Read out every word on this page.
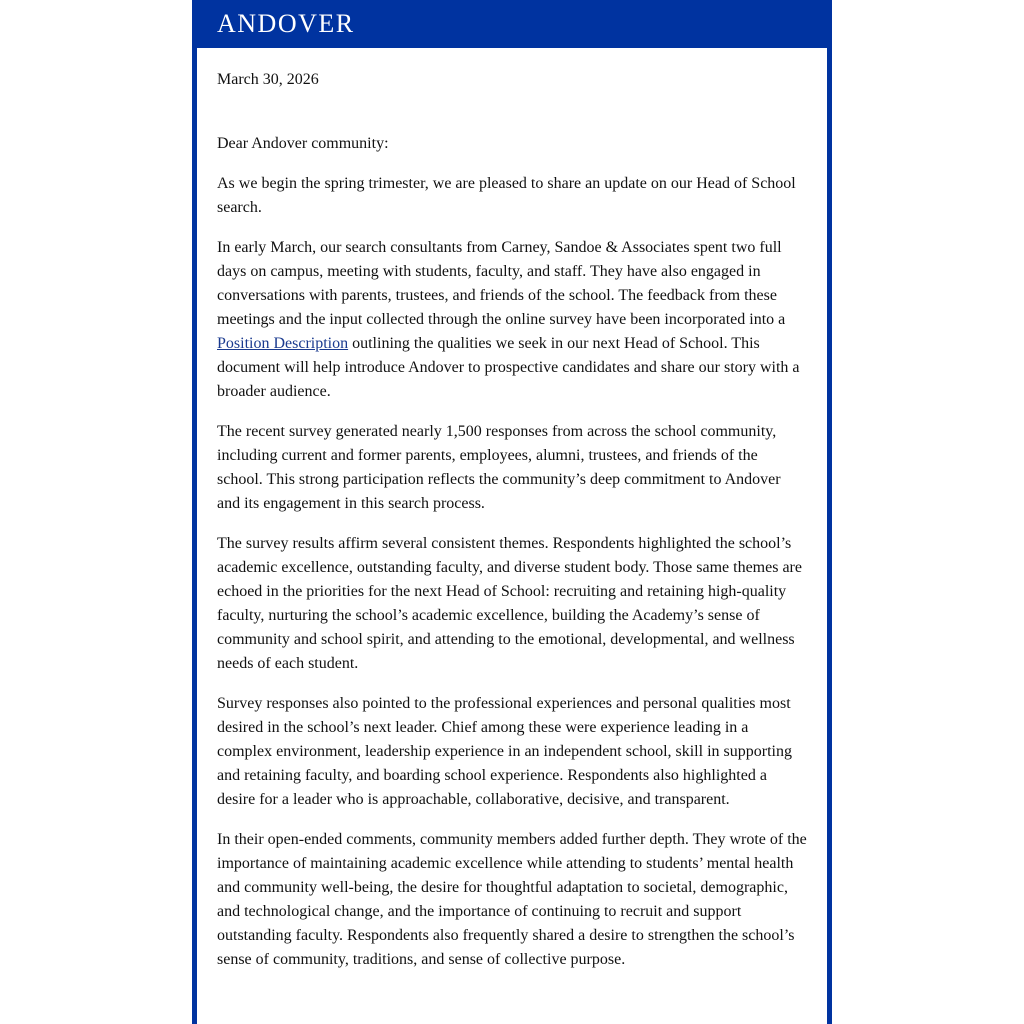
ANDOVER

March 30, 2026

Dear Andover community:

As we begin the spring trimester, we are pleased to share an update on our Head of School search.

In early March, our search consultants from Carney, Sandoe & Associates spent two full days on campus, meeting with students, faculty, and staff. They have also engaged in conversations with parents, trustees, and friends of the school. The feedback from these meetings and the input collected through the online survey have been incorporated into a Position Description outlining the qualities we seek in our next Head of School. This document will help introduce Andover to prospective candidates and share our story with a broader audience.

The recent survey generated nearly 1,500 responses from across the school community, including current and former parents, employees, alumni, trustees, and friends of the school. This strong participation reflects the community’s deep commitment to Andover and its engagement in this search process.

The survey results affirm several consistent themes. Respondents highlighted the school’s academic excellence, outstanding faculty, and diverse student body. Those same themes are echoed in the priorities for the next Head of School: recruiting and retaining high-quality faculty, nurturing the school’s academic excellence, building the Academy’s sense of community and school spirit, and attending to the emotional, developmental, and wellness needs of each student.

Survey responses also pointed to the professional experiences and personal qualities most desired in the school’s next leader. Chief among these were experience leading in a complex environment, leadership experience in an independent school, skill in supporting and retaining faculty, and boarding school experience. Respondents also highlighted a desire for a leader who is approachable, collaborative, decisive, and transparent.

In their open-ended comments, community members added further depth. They wrote of the importance of maintaining academic excellence while attending to students’ mental health and community well-being, the desire for thoughtful adaptation to societal, demographic, and technological change, and the importance of continuing to recruit and support outstanding faculty. Respondents also frequently shared a desire to strengthen the school’s sense of community, traditions, and sense of collective purpose.
